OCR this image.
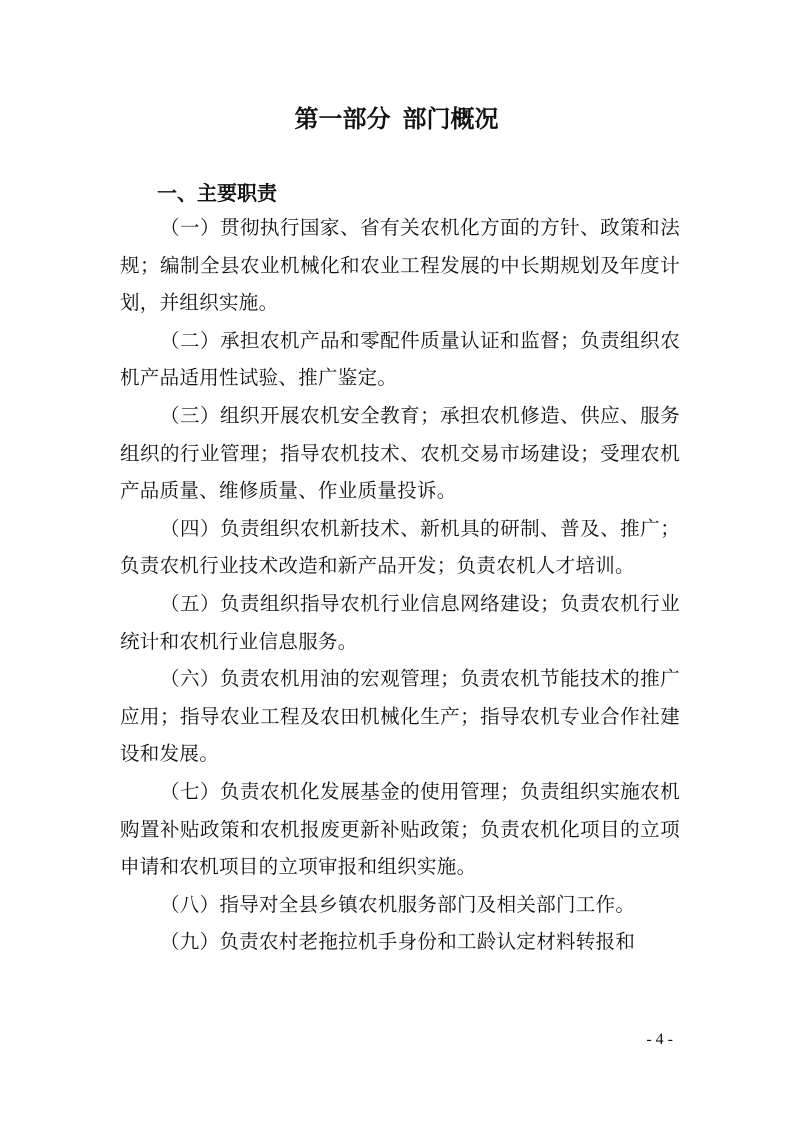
第一部分 部门概况
一、主要职责

（一）贯彻执行国家、省有关农机化方面的方针、政策和法规；编制全县农业机械化和农业工程发展的中长期规划及年度计划，并组织实施。

（二）承担农机产品和零配件质量认证和监督；负责组织农机产品适用性试验、推广鉴定。

（三）组织开展农机安全教育；承担农机修造、供应、服务组织的行业管理；指导农机技术、农机交易市场建设；受理农机产品质量、维修质量、作业质量投诉。

（四）负责组织农机新技术、新机具的研制、普及、推广；负责农机行业技术改造和新产品开发；负责农机人才培训。

（五）负责组织指导农机行业信息网络建设；负责农机行业统计和农机行业信息服务。

（六）负责农机用油的宏观管理；负责农机节能技术的推广应用；指导农业工程及农田机械化生产；指导农机专业合作社建设和发展。

（七）负责农机化发展基金的使用管理；负责组织实施农机购置补贴政策和农机报废更新补贴政策；负责农机化项目的立项申请和农机项目的立项审报和组织实施。

（八）指导对全县乡镇农机服务部门及相关部门工作。

（九）负责农村老拖拉机手身份和工龄认定材料转报和

- 4 -
